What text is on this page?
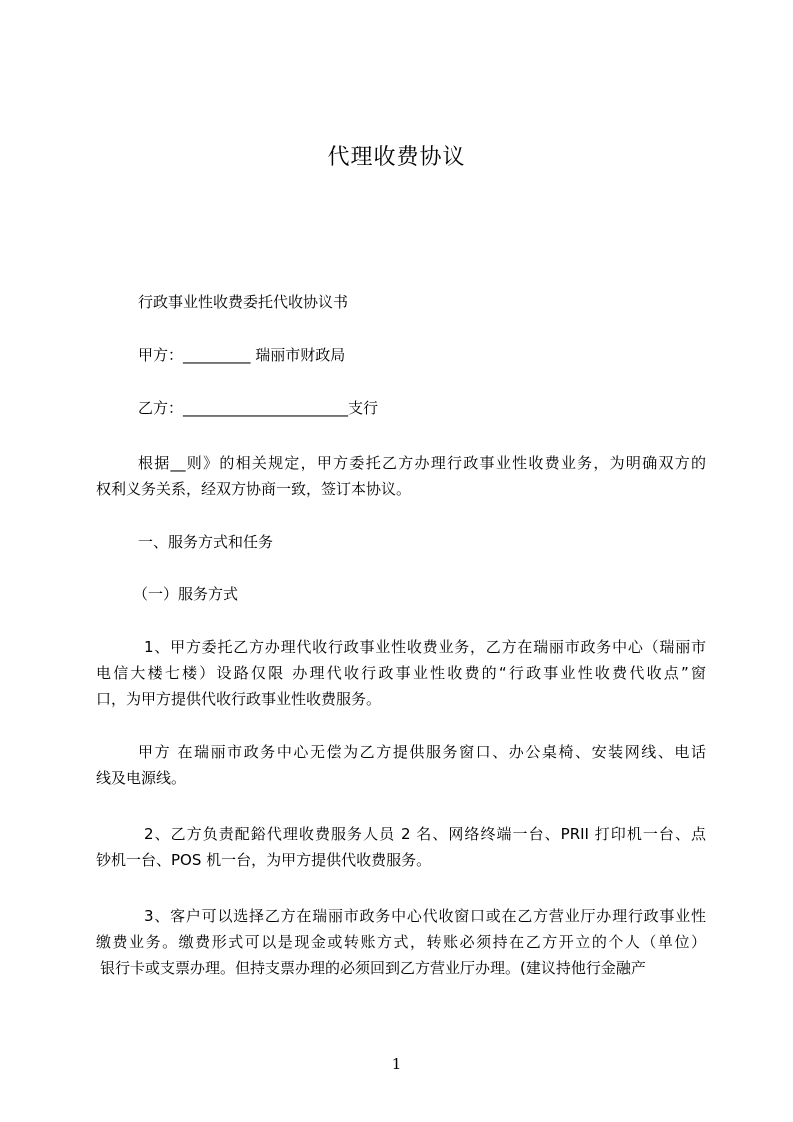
代理收费协议
行政事业性收费委托代收协议书
甲方：_________ 瑞丽市财政局
乙方：______________________支行
根据__则》的相关规定，甲方委托乙方办理行政事业性收费业务，为明确双方的
权利义务关系，经双方协商一致，签订本协议。
一、服务方式和任务
（一）服务方式
1、甲方委托乙方办理代收行政事业性收费业务，乙方在瑞丽市政务中心（瑞丽市
电信大楼七楼）设路仅限 办理代收行政事业性收费的“行政事业性收费代收点”窗
口，为甲方提供代收行政事业性收费服务。
甲方 在瑞丽市政务中心无偿为乙方提供服务窗口、办公桌椅、安装网线、电话
线及电源线。
2、乙方负责配鋊代理收费服务人员 2 名、网络终端一台、PRII 打印机一台、点
钞机一台、POS 机一台，为甲方提供代收费服务。
3、客户可以选择乙方在瑞丽市政务中心代收窗口或在乙方营业厅办理行政事业性
缴费业务。缴费形式可以是现金或转账方式，转账必须持在乙方开立的个人（单位）
银行卡或支票办理。但持支票办理的必须回到乙方营业厅办理。(建议持他行金融产
1
